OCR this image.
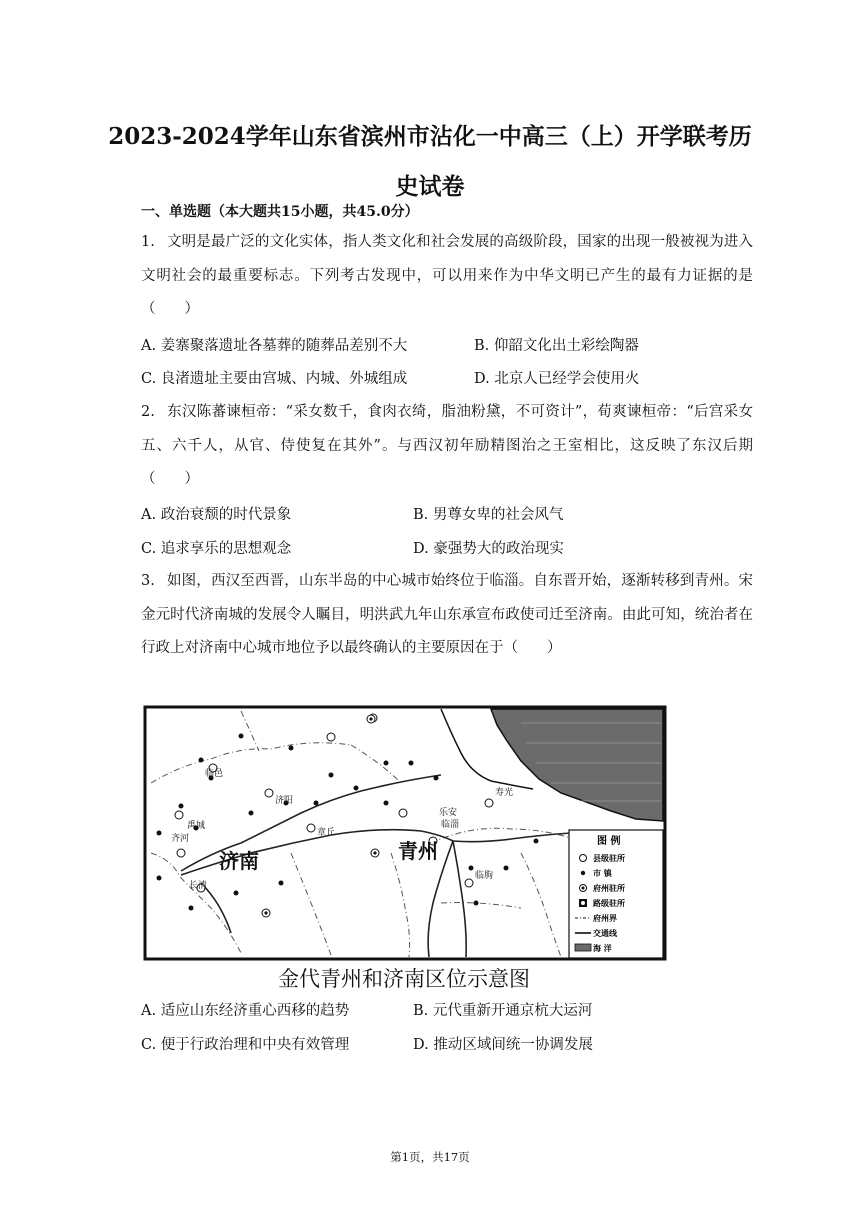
2023-2024学年山东省滨州市沾化一中高三（上）开学联考历史试卷
一、单选题（本大题共15小题，共45.0分）
1. 文明是最广泛的文化实体，指人类文化和社会发展的高级阶段，国家的出现一般被视为进入文明社会的最重要标志。下列考古发现中，可以用来作为中华文明已产生的最有力证据的是（　　）
A. 姜寨聚落遗址各墓葬的随葬品差别不大	B. 仰韶文化出土彩绘陶器
C. 良渚遗址主要由宫城、内城、外城组成	D. 北京人已经学会使用火
2. 东汉陈蕃谏桓帝：“采女数千，食肉衣绮，脂油粉黛，不可资计”，荀爽谏桓帝：“后宫采女五、六千人，从官、侍使复在其外”。与西汉初年励精图治之王室相比，这反映了东汉后期（　　）
A. 政治衰颓的时代景象	B. 男尊女卑的社会风气
C. 追求享乐的思想观念	D. 豪强势大的政治现实
3. 如图，西汉至西晋，山东半岛的中心城市始终位于临淄。自东晋开始，逐渐转移到青州。宋金元时代济南城的发展令人瞩目，明洪武九年山东承宣布政使司迁至济南。由此可知，统治者在行政上对济南中心城市地位予以最终确认的主要原因在于（　　）
临邑
禹城
济阳
齐河
章丘
长清
乐安
临淄
寿光
临朐
济南	青州	图 例
县级驻所
市 镇
府州驻所
路级驻所
府州界
交通线
海 洋
金代青州和济南区位示意图
A. 适应山东经济重心西移的趋势	B. 元代重新开通京杭大运河
C. 便于行政治理和中央有效管理	D. 推动区域间统一协调发展
第1页，共17页
